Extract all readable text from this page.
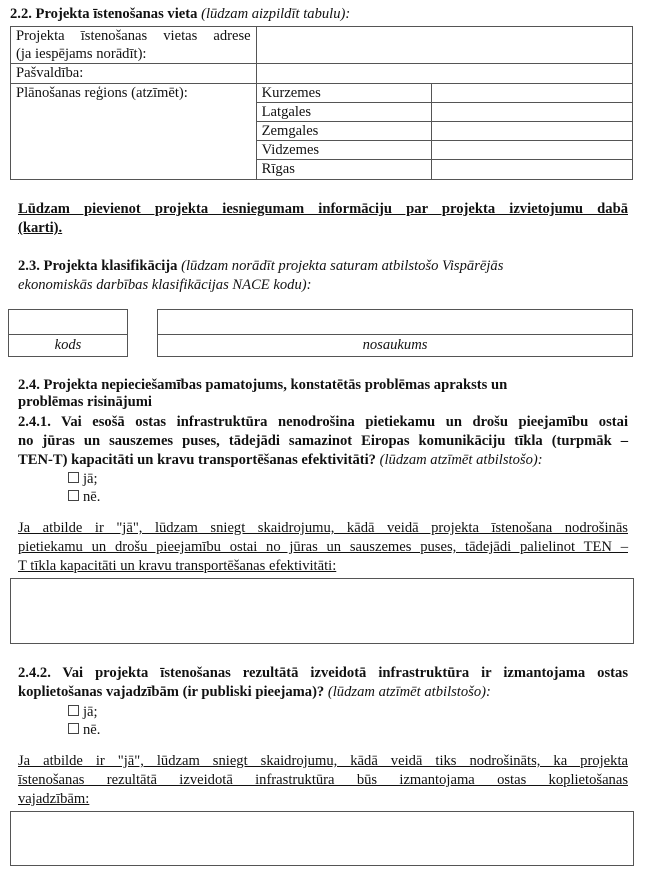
2.2. Projekta īstenošanas vieta (lūdzam aizpildīt tabulu):
Projekta īstenošanas vietas adrese
(ja iespējams norādīt):		

Pašvaldība:		
Plānošanas reģions (atzīmēt):	Kurzemes	
	Latgales	
	Zemgales	
	Vidzemes	
	Rīgas	
Lūdzam pievienot projekta iesniegumam informāciju par projekta izvietojumu dabā
(karti).
2.3. Projekta klasifikācija (lūdzam norādīt projekta saturam atbilstošo Vispārējās
ekonomiskās darbības klasifikācijas NACE kodu):
kods	nosaukums
2.4. Projekta nepieciešamības pamatojums, konstatētās problēmas apraksts un
problēmas risinājumi
2.4.1. Vai esošā ostas infrastruktūra nenodrošina pietiekamu un drošu pieejamību ostai
no jūras un sauszemes puses, tādejādi samazinot Eiropas komunikāciju tīkla (turpmāk –
TEN-T) kapacitāti un kravu transportēšanas efektivitāti? (lūdzam atzīmēt atbilstošo):
jā;
nē.
Ja atbilde ir "jā", lūdzam sniegt skaidrojumu, kādā veidā projekta īstenošana nodrošinās
pietiekamu un drošu pieejamību ostai no jūras un sauszemes puses, tādejādi palielinot TEN –
T tīkla kapacitāti un kravu transportēšanas efektivitāti:
2.4.2. Vai projekta īstenošanas rezultātā izveidotā infrastruktūra ir izmantojama ostas
koplietošanas vajadzībām (ir publiski pieejama)? (lūdzam atzīmēt atbilstošo):
jā;
nē.
Ja atbilde ir "jā", lūdzam sniegt skaidrojumu, kādā veidā tiks nodrošināts, ka projekta
īstenošanas rezultātā izveidotā infrastruktūra būs izmantojama ostas koplietošanas
vajadzībām:
